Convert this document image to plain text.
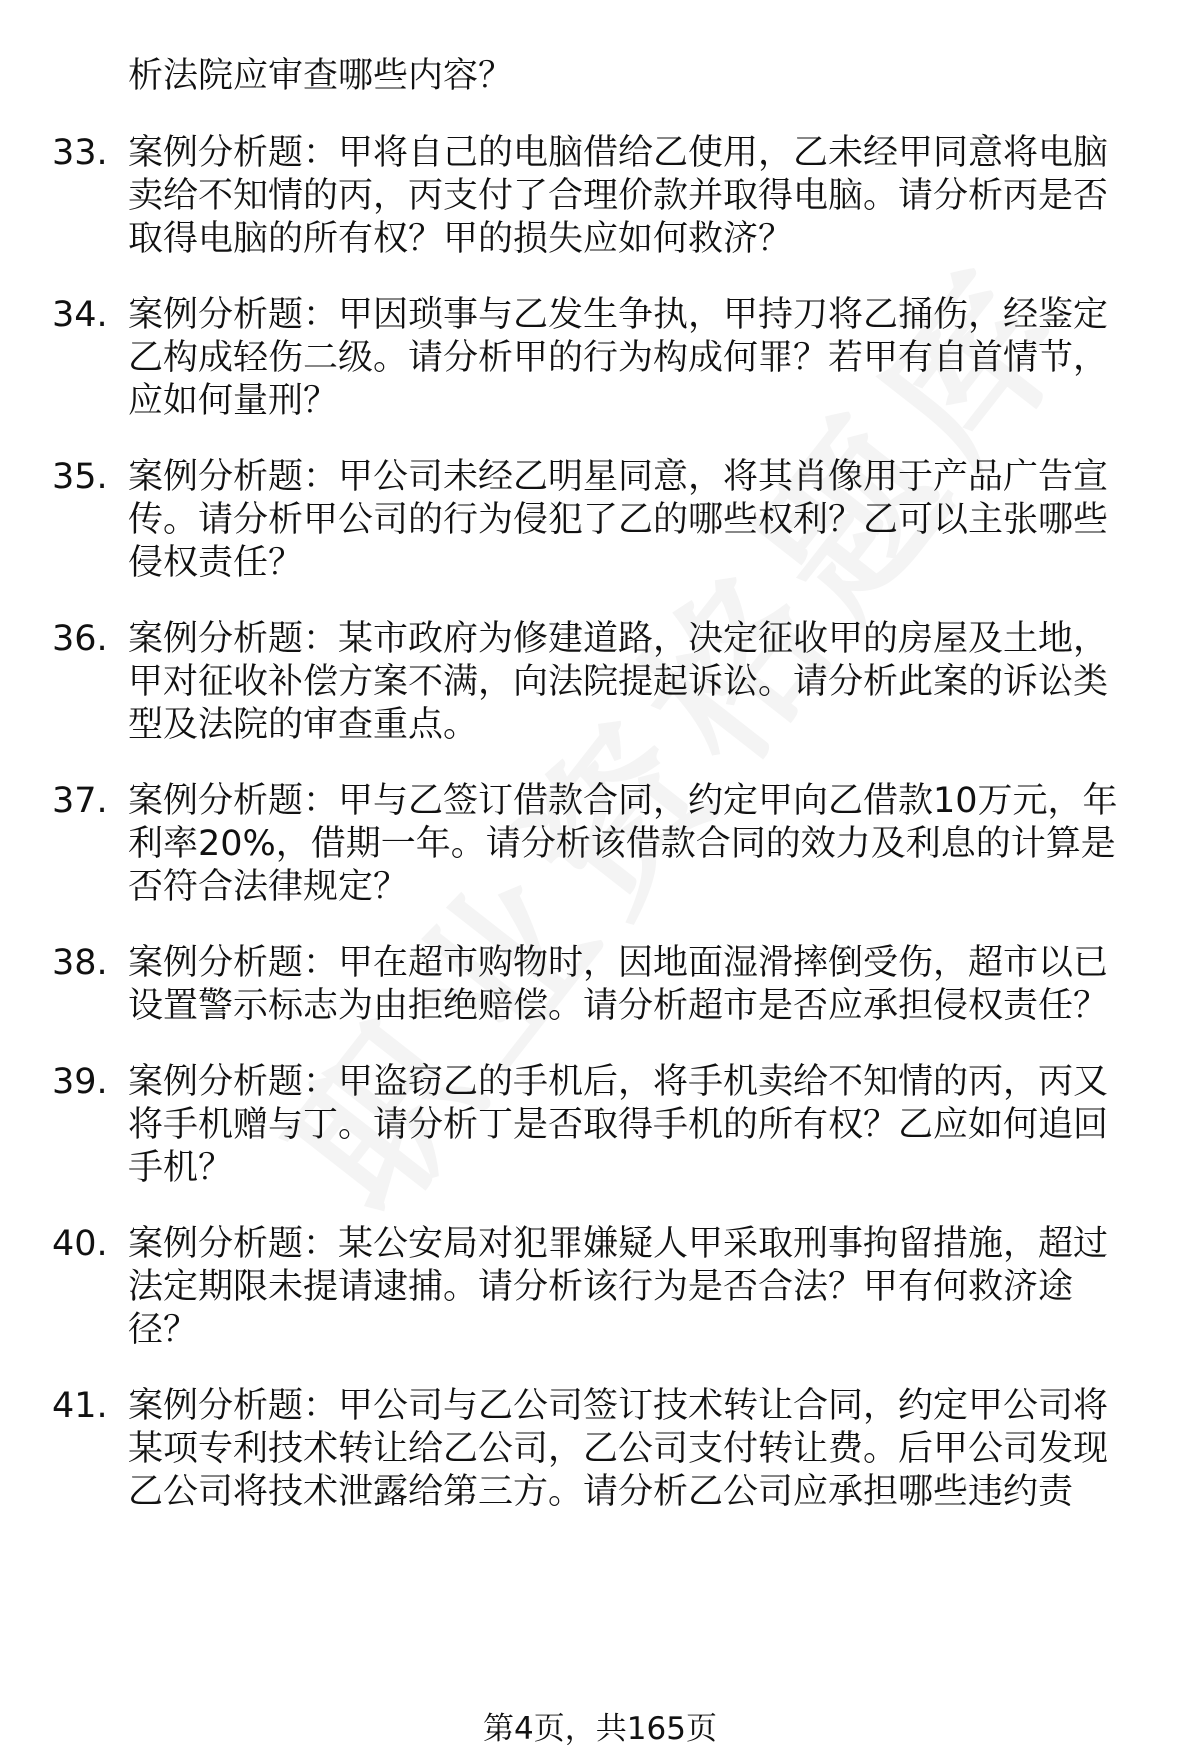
析法院应审查哪些内容？
33. 案例分析题：甲将自己的电脑借给乙使用，乙未经甲同意将电脑
卖给不知情的丙，丙支付了合理价款并取得电脑。请分析丙是否
取得电脑的所有权？甲的损失应如何救济？
34. 案例分析题：甲因琐事与乙发生争执，甲持刀将乙捅伤，经鉴定
乙构成轻伤二级。请分析甲的行为构成何罪？若甲有自首情节，
应如何量刑？
35. 案例分析题：甲公司未经乙明星同意，将其肖像用于产品广告宣
传。请分析甲公司的行为侵犯了乙的哪些权利？乙可以主张哪些
侵权责任？
36. 案例分析题：某市政府为修建道路，决定征收甲的房屋及土地，
甲对征收补偿方案不满，向法院提起诉讼。请分析此案的诉讼类
型及法院的审查重点。
37. 案例分析题：甲与乙签订借款合同，约定甲向乙借款10万元，年
利率20%，借期一年。请分析该借款合同的效力及利息的计算是
否符合法律规定？
38. 案例分析题：甲在超市购物时，因地面湿滑摔倒受伤，超市以已
设置警示标志为由拒绝赔偿。请分析超市是否应承担侵权责任？
39. 案例分析题：甲盗窃乙的手机后，将手机卖给不知情的丙，丙又
将手机赠与丁。请分析丁是否取得手机的所有权？乙应如何追回
手机？
40. 案例分析题：某公安局对犯罪嫌疑人甲采取刑事拘留措施，超过
法定期限未提请逮捕。请分析该行为是否合法？甲有何救济途
径？
41. 案例分析题：甲公司与乙公司签订技术转让合同，约定甲公司将
某项专利技术转让给乙公司，乙公司支付转让费。后甲公司发现
乙公司将技术泄露给第三方。请分析乙公司应承担哪些违约责
第4页，共165页
